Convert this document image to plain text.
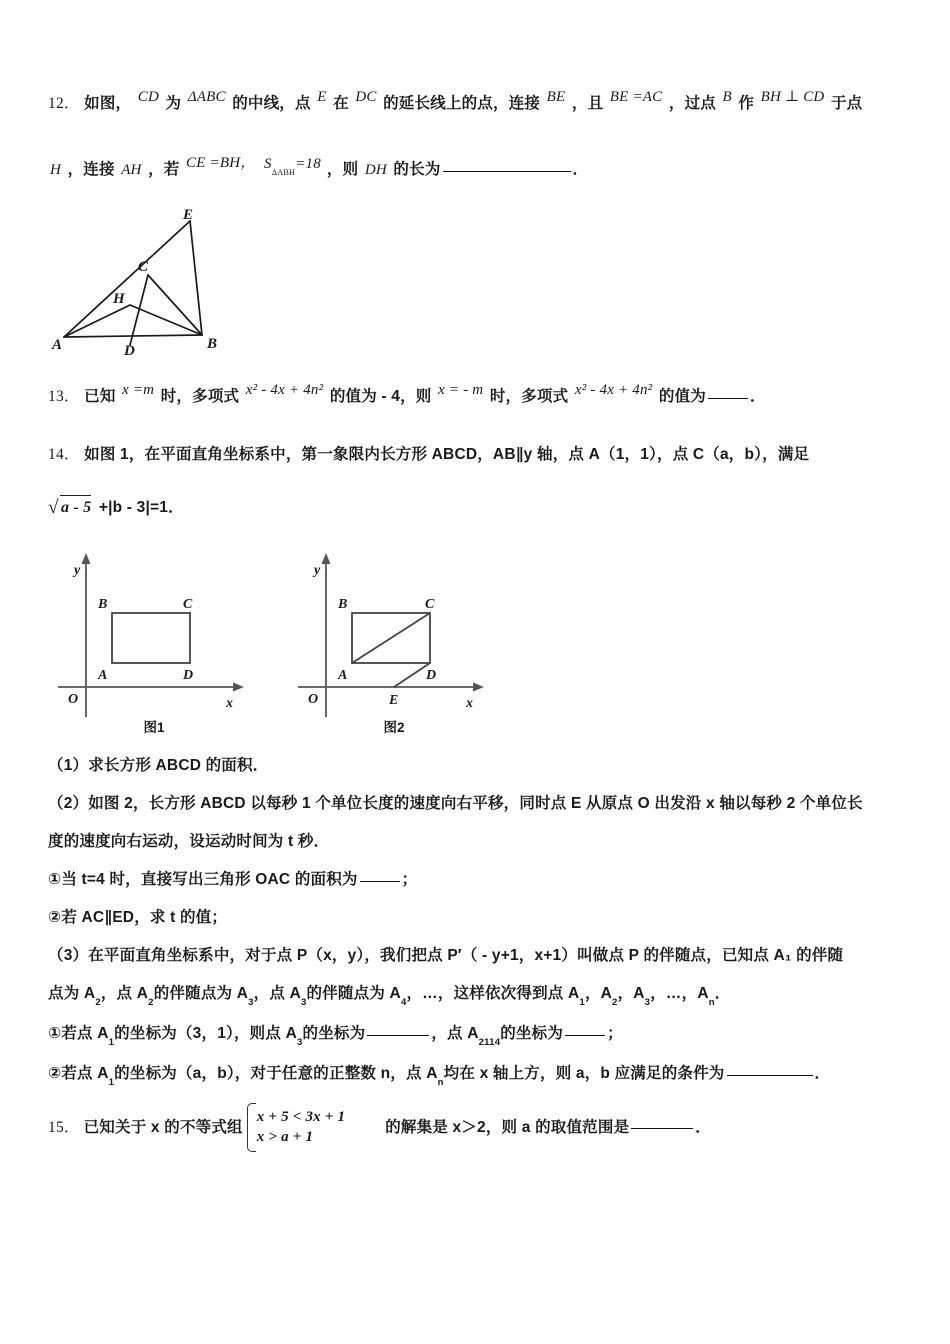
12． 如图， CD 为 ΔABC 的中线，点 E 在 DC 的延长线上的点，连接 BE ，且 BE =AC ，过点 B 作 BH ⊥ CD 于点
H ，连接 AH ，若 CE =BH， $S_{\Delta ABH}=18$ ，则 DH 的长为	．
E
C
H
A	D	B
13． 已知 x =m 时，多项式 x² - 4x + 4n² 的值为 - 4，则 x = - m 时，多项式 x² - 4x + 4n² 的值为	．
14． 如图 1，在平面直角坐标系中，第一象限内长方形 ABCD，AB∥y 轴，点 A（1，1），点 C（a，b），满足
√ a - 5 +|b - 3|=1．
y
x
O
B	C
A	D
图1
y
x
O
B	C
A	D
E
图2
（1）求长方形 ABCD 的面积．
（2）如图 2，长方形 ABCD 以每秒 1 个单位长度的速度向右平移，同时点 E 从原点 O 出发沿 x 轴以每秒 2 个单位长
度的速度向右运动，设运动时间为 t 秒．
①当 t=4 时，直接写出三角形 OAC 的面积为	；
②若 AC∥ED，求 t 的值；
（3）在平面直角坐标系中，对于点 P（x，y），我们把点 P′（ - y+1，x+1）叫做点 P 的伴随点，已知点 A₁ 的伴随
点为 $A_2$，点 $A_2$的伴随点为 $A_3$，点 $A_3$的伴随点为 $A_4$，…，这样依次得到点 $A_1$，$A_2$，$A_3$，…，$A_n$．
①若点 $A_1$的坐标为（3，1），则点 $A_3$的坐标为	，点 $A_{2114}$的坐标为	；
②若点 $A_1$的坐标为（a，b），对于任意的正整数 n，点 $A_n$均在 x 轴上方，则 a，b 应满足的条件为	．
15． 已知关于 x 的不等式组
x + 5 < 3x + 1
x > a + 1
的解集是 x＞2，则 a 的取值范围是	．
